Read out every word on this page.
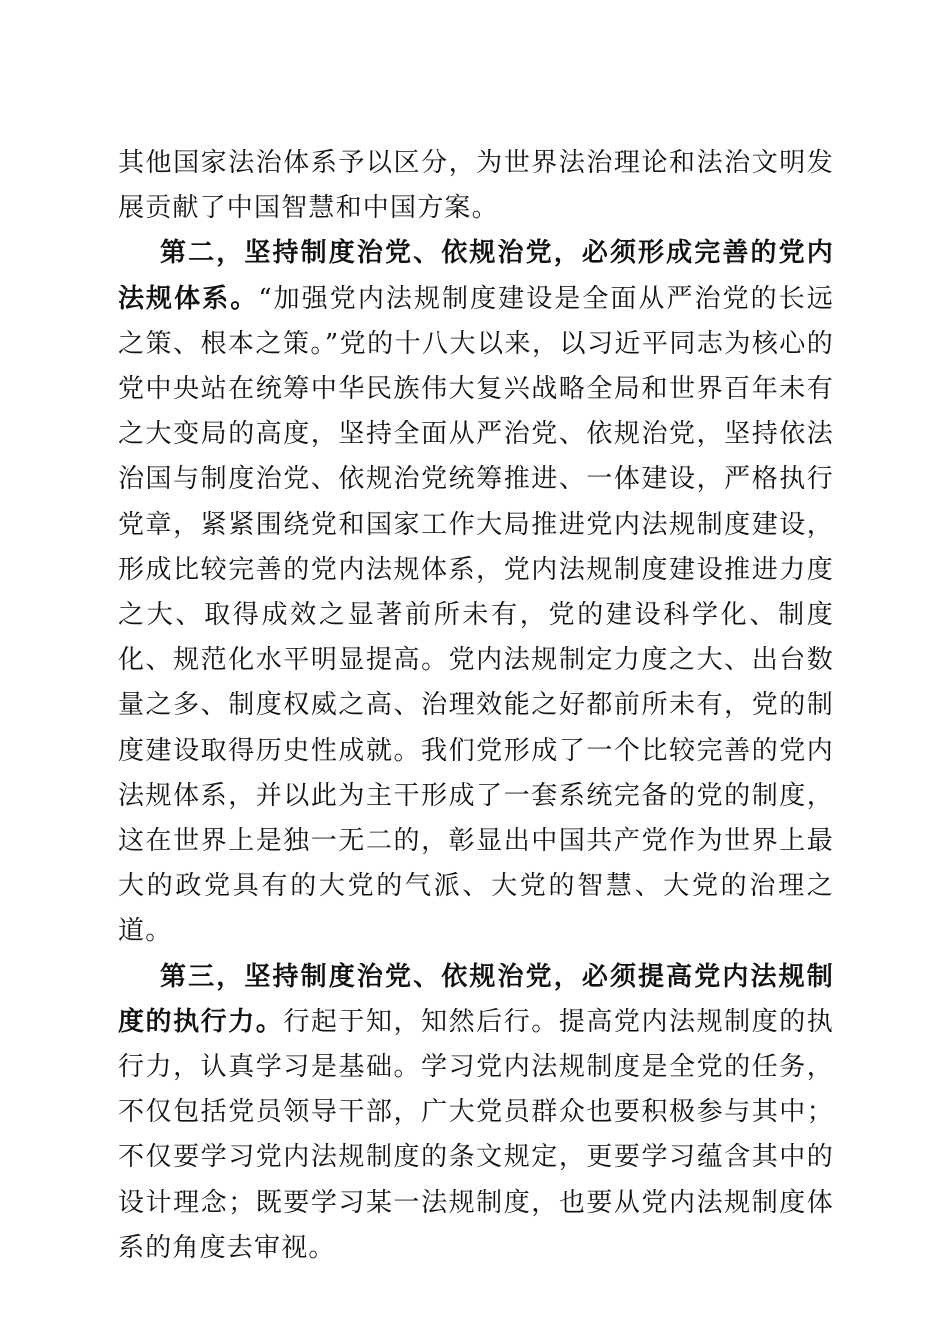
其他国家法治体系予以区分，为世界法治理论和法治文明发展贡献了中国智慧和中国方案。

第二，坚持制度治党、依规治党，必须形成完善的党内法规体系。“加强党内法规制度建设是全面从严治党的长远之策、根本之策。”党的十八大以来，以习近平同志为核心的党中央站在统筹中华民族伟大复兴战略全局和世界百年未有之大变局的高度，坚持全面从严治党、依规治党，坚持依法治国与制度治党、依规治党统筹推进、一体建设，严格执行党章，紧紧围绕党和国家工作大局推进党内法规制度建设，形成比较完善的党内法规体系，党内法规制度建设推进力度之大、取得成效之显著前所未有，党的建设科学化、制度化、规范化水平明显提高。党内法规制定力度之大、出台数量之多、制度权威之高、治理效能之好都前所未有，党的制度建设取得历史性成就。我们党形成了一个比较完善的党内法规体系，并以此为主干形成了一套系统完备的党的制度，这在世界上是独一无二的，彰显出中国共产党作为世界上最大的政党具有的大党的气派、大党的智慧、大党的治理之道。

第三，坚持制度治党、依规治党，必须提高党内法规制度的执行力。行起于知，知然后行。提高党内法规制度的执行力，认真学习是基础。学习党内法规制度是全党的任务，不仅包括党员领导干部，广大党员群众也要积极参与其中；不仅要学习党内法规制度的条文规定，更要学习蕴含其中的设计理念；既要学习某一法规制度，也要从党内法规制度体系的角度去审视。
